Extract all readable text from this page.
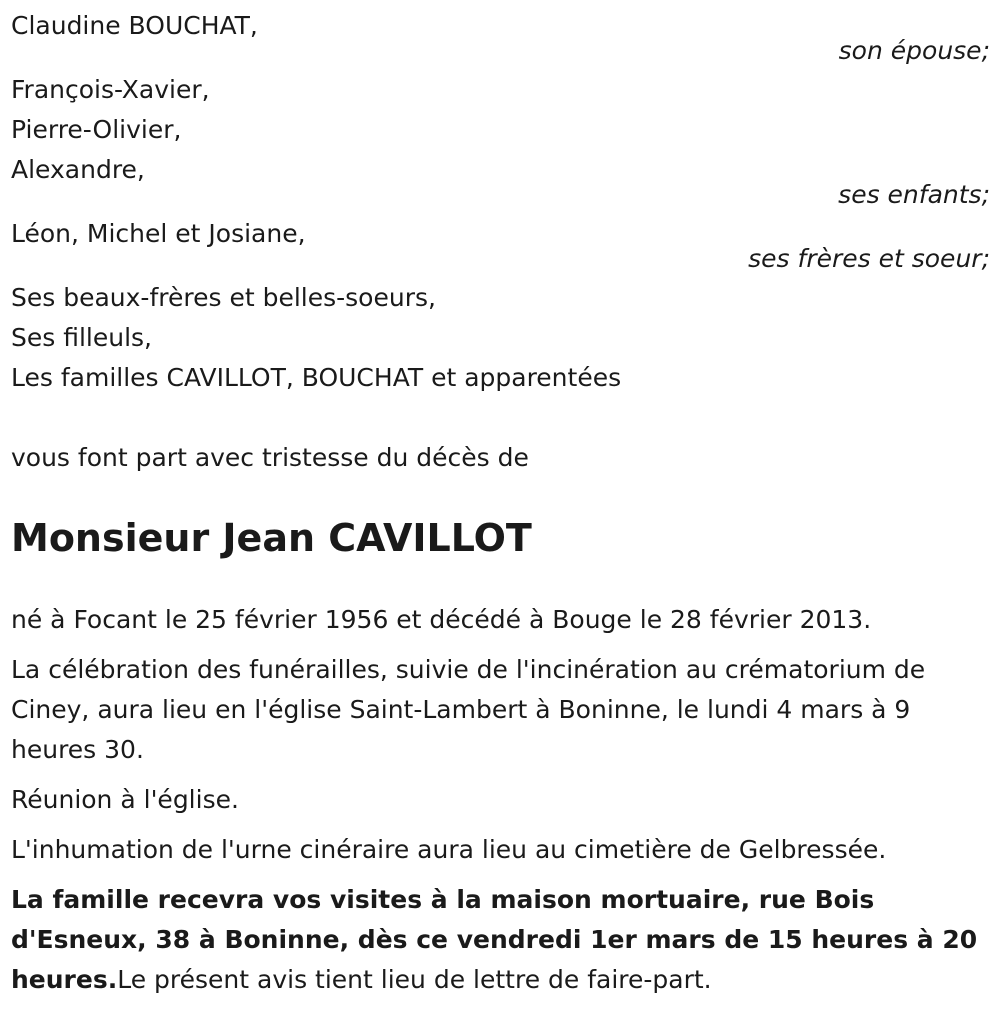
Claudine BOUCHAT,
son épouse;
François-Xavier,
Pierre-Olivier,
Alexandre,
ses enfants;
Léon, Michel et Josiane,
ses frères et soeur;
Ses beaux-frères et belles-soeurs,
Ses filleuls,
Les familles CAVILLOT, BOUCHAT et apparentées
vous font part avec tristesse du décès de
Monsieur Jean CAVILLOT

né à Focant le 25 février 1956 et décédé à Bouge le 28 février 2013.

La célébration des funérailles, suivie de l'incinération au crématorium de Ciney, aura lieu en l'église Saint-Lambert à Boninne, le lundi 4 mars à 9 heures 30.

Réunion à l'église.

L'inhumation de l'urne cinéraire aura lieu au cimetière de Gelbressée.

La famille recevra vos visites à la maison mortuaire, rue Bois d'Esneux, 38 à Boninne, dès ce vendredi 1er mars de 15 heures à 20 heures.Le présent avis tient lieu de lettre de faire-part.
